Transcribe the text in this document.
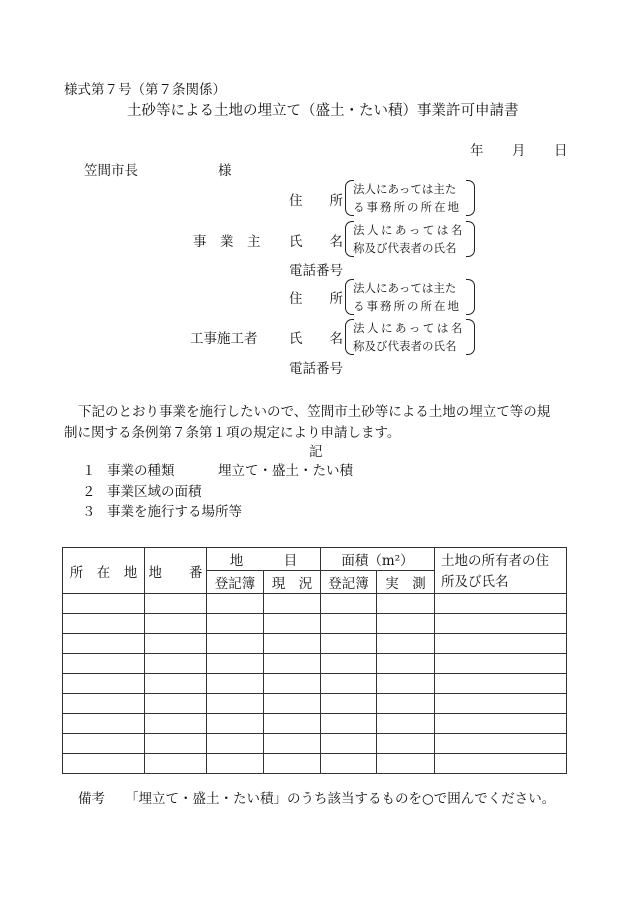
様式第７号（第７条関係）
土砂等による土地の埋立て（盛土・たい積）事業許可申請書
年 月 日
笠間市長	様
事　業　主
住　　所
法人にあっては主た
る事務所の所在地
氏　　名
法人にあっては名
称及び代表者の氏名
電話番号
工事施工者
住　　所
法人にあっては主た
る事務所の所在地
氏　　名
法人にあっては名
称及び代表者の氏名
電話番号
下記のとおり事業を施行したいので、笠間市土砂等による土地の埋立て等の規
制に関する条例第７条第１項の規定により申請します。
記
１ 事業の種類	埋立て・盛土・たい積
２ 事業区域の面積
３ 事業を施行する場所等
所　在　地	地　　番	地　　　目		面積（m²）		土地の所有者の住
所及び氏名

		登記簿	現　況	登記簿	実　測	

備考 「埋立て・盛土・たい積」のうち該当するものを○で囲んでください。
